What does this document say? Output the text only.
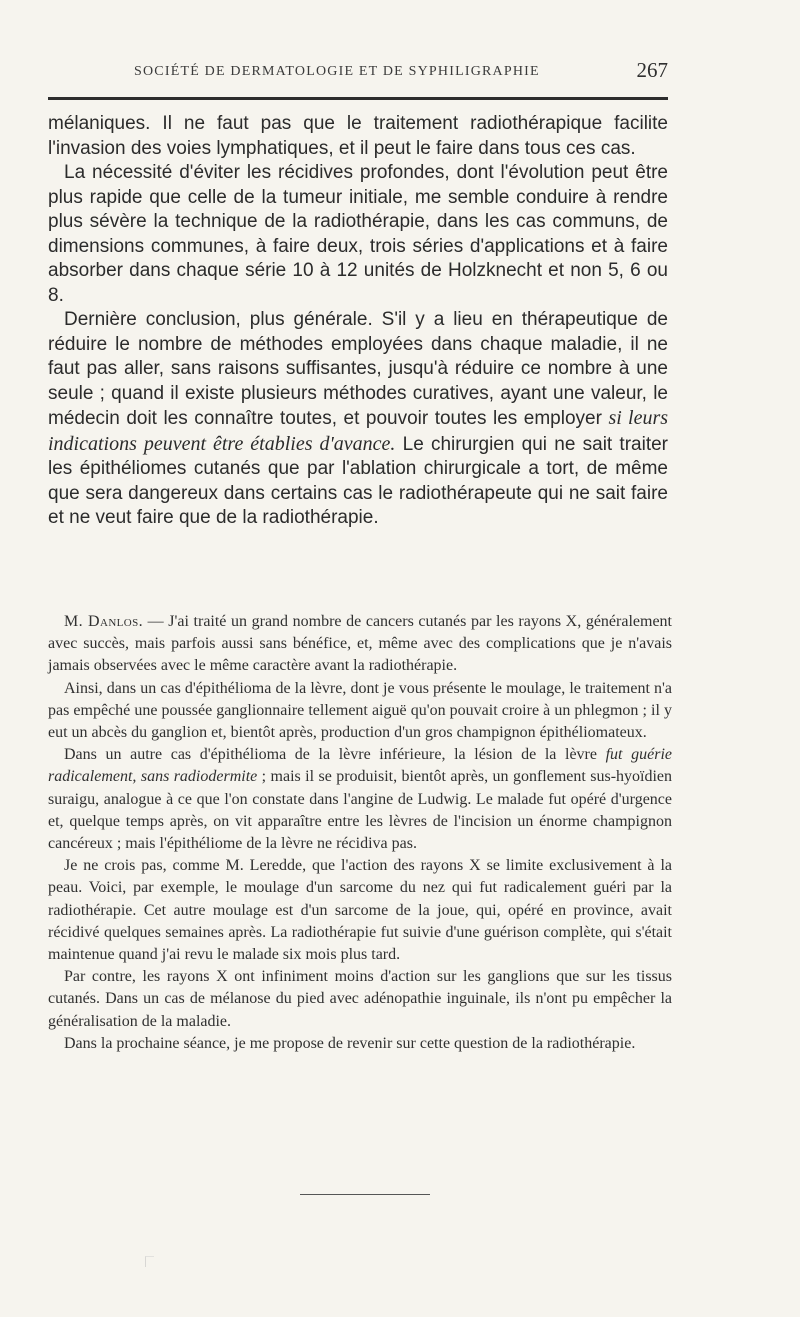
SOCIÉTÉ DE DERMATOLOGIE ET DE SYPHILIGRAPHIE	267

mélaniques. Il ne faut pas que le traitement radiothérapique facilite l'invasion des voies lymphatiques, et il peut le faire dans tous ces cas.

La nécessité d'éviter les récidives profondes, dont l'évolution peut être plus rapide que celle de la tumeur initiale, me semble conduire à rendre plus sévère la technique de la radiothérapie, dans les cas communs, de dimensions communes, à faire deux, trois séries d'applications et à faire absorber dans chaque série 10 à 12 unités de Holzknecht et non 5, 6 ou 8.

Dernière conclusion, plus générale. S'il y a lieu en thérapeutique de réduire le nombre de méthodes employées dans chaque maladie, il ne faut pas aller, sans raisons suffisantes, jusqu'à réduire ce nombre à une seule ; quand il existe plusieurs méthodes curatives, ayant une valeur, le médecin doit les connaître toutes, et pouvoir toutes les employer si leurs indications peuvent être établies d'avance. Le chirurgien qui ne sait traiter les épithéliomes cutanés que par l'ablation chirurgicale a tort, de même que sera dangereux dans certains cas le radiothérapeute qui ne sait faire et ne veut faire que de la radiothérapie.

M. Danlos. — J'ai traité un grand nombre de cancers cutanés par les rayons X, généralement avec succès, mais parfois aussi sans bénéfice, et, même avec des complications que je n'avais jamais observées avec le même caractère avant la radiothérapie.

Ainsi, dans un cas d'épithélioma de la lèvre, dont je vous présente le moulage, le traitement n'a pas empêché une poussée ganglionnaire tellement aiguë qu'on pouvait croire à un phlegmon ; il y eut un abcès du ganglion et, bientôt après, production d'un gros champignon épithéliomateux.

Dans un autre cas d'épithélioma de la lèvre inférieure, la lésion de la lèvre fut guérie radicalement, sans radiodermite ; mais il se produisit, bientôt après, un gonflement sus-hyoïdien suraigu, analogue à ce que l'on constate dans l'angine de Ludwig. Le malade fut opéré d'urgence et, quelque temps après, on vit apparaître entre les lèvres de l'incision un énorme champignon cancéreux ; mais l'épithéliome de la lèvre ne récidiva pas.

Je ne crois pas, comme M. Leredde, que l'action des rayons X se limite exclusivement à la peau. Voici, par exemple, le moulage d'un sarcome du nez qui fut radicalement guéri par la radiothérapie. Cet autre moulage est d'un sarcome de la joue, qui, opéré en province, avait récidivé quelques semaines après. La radiothérapie fut suivie d'une guérison complète, qui s'était maintenue quand j'ai revu le malade six mois plus tard.

Par contre, les rayons X ont infiniment moins d'action sur les ganglions que sur les tissus cutanés. Dans un cas de mélanose du pied avec adénopathie inguinale, ils n'ont pu empêcher la généralisation de la maladie.

Dans la prochaine séance, je me propose de revenir sur cette question de la radiothérapie.
